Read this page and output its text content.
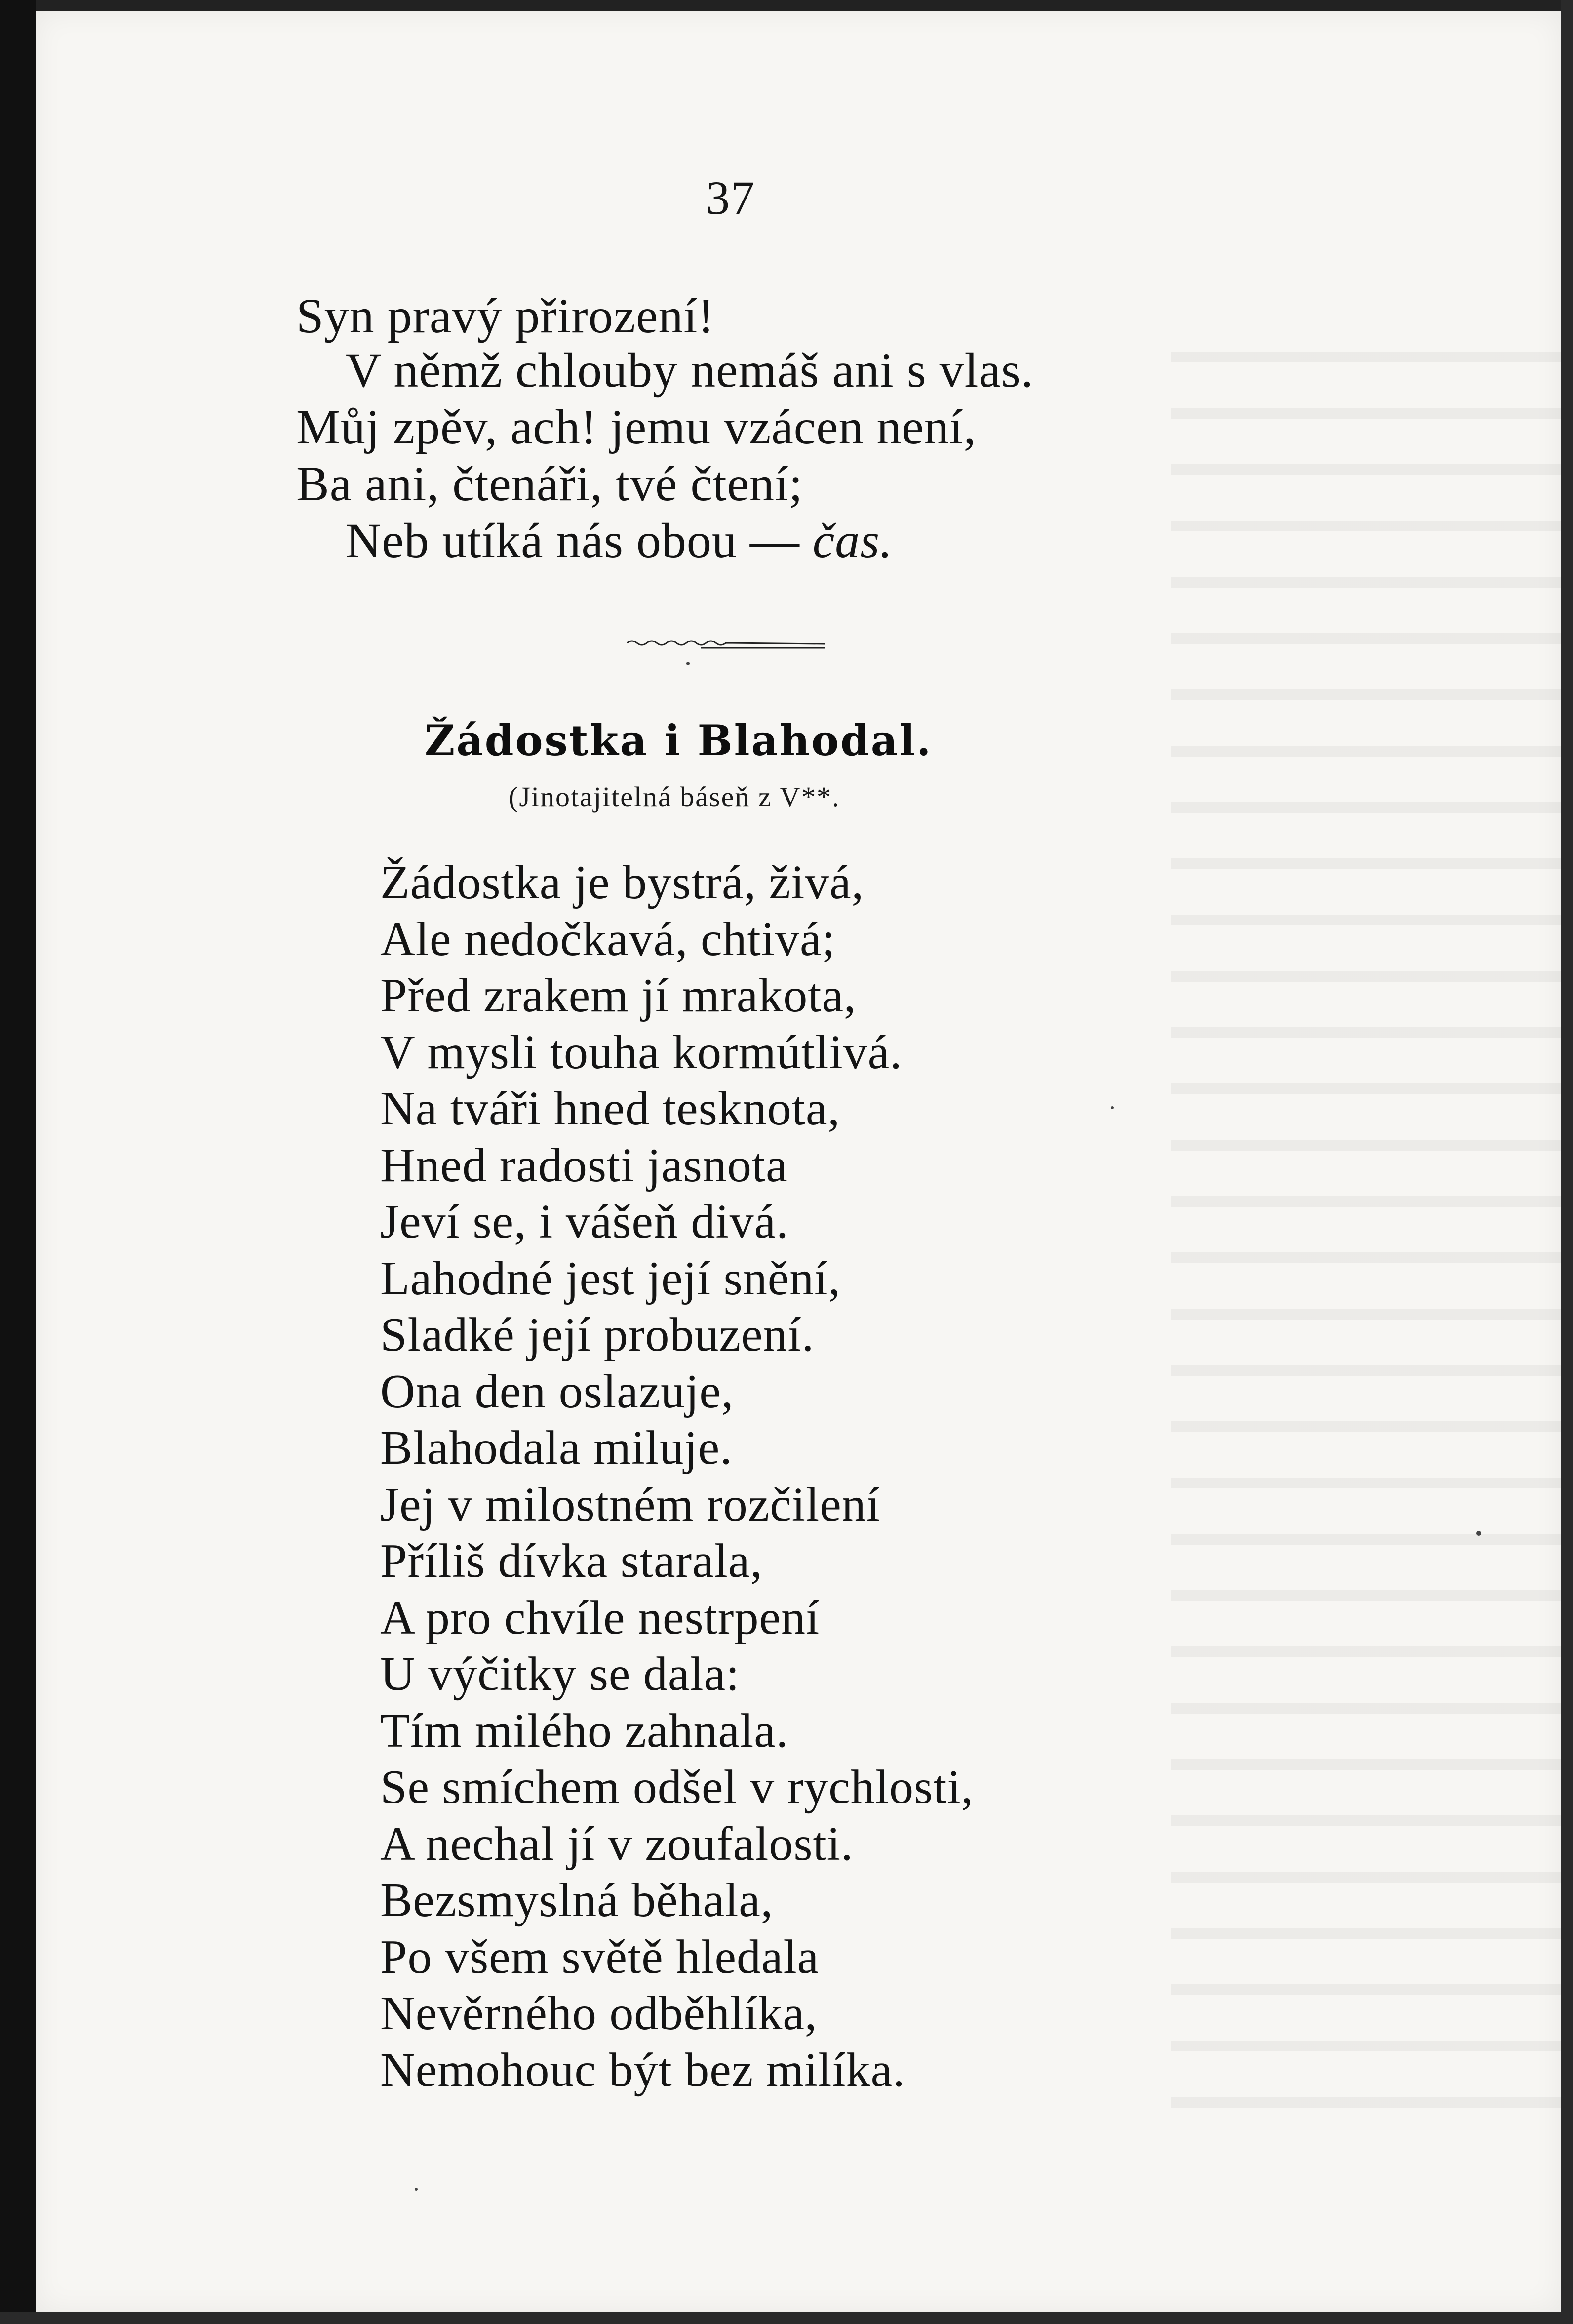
37
Syn pravý přirození!
V němž chlouby nemáš ani s vlas.
Můj zpěv, ach! jemu vzácen není,
Ba ani, čtenáři, tvé čtení;
Neb utíká nás obou — čas.
Žádostka i Blahodal.
(Jinotajitelná báseň z V**.
Žádostka je bystrá, živá,
Ale nedočkavá, chtivá;
Před zrakem jí mrakota,
V mysli touha kormútlivá.
Na tváři hned tesknota,
Hned radosti jasnota
Jeví se, i vášeň divá.
Lahodné jest její snění,
Sladké její probuzení.
Ona den oslazuje,
Blahodala miluje.
Jej v milostném rozčilení
Příliš dívka starala,
A pro chvíle nestrpení
U výčitky se dala:
Tím milého zahnala.
Se smíchem odšel v rychlosti,
A nechal jí v zoufalosti.
Bezsmyslná běhala,
Po všem světě hledala
Nevěrného odběhlíka,
Nemohouc být bez milíka.
